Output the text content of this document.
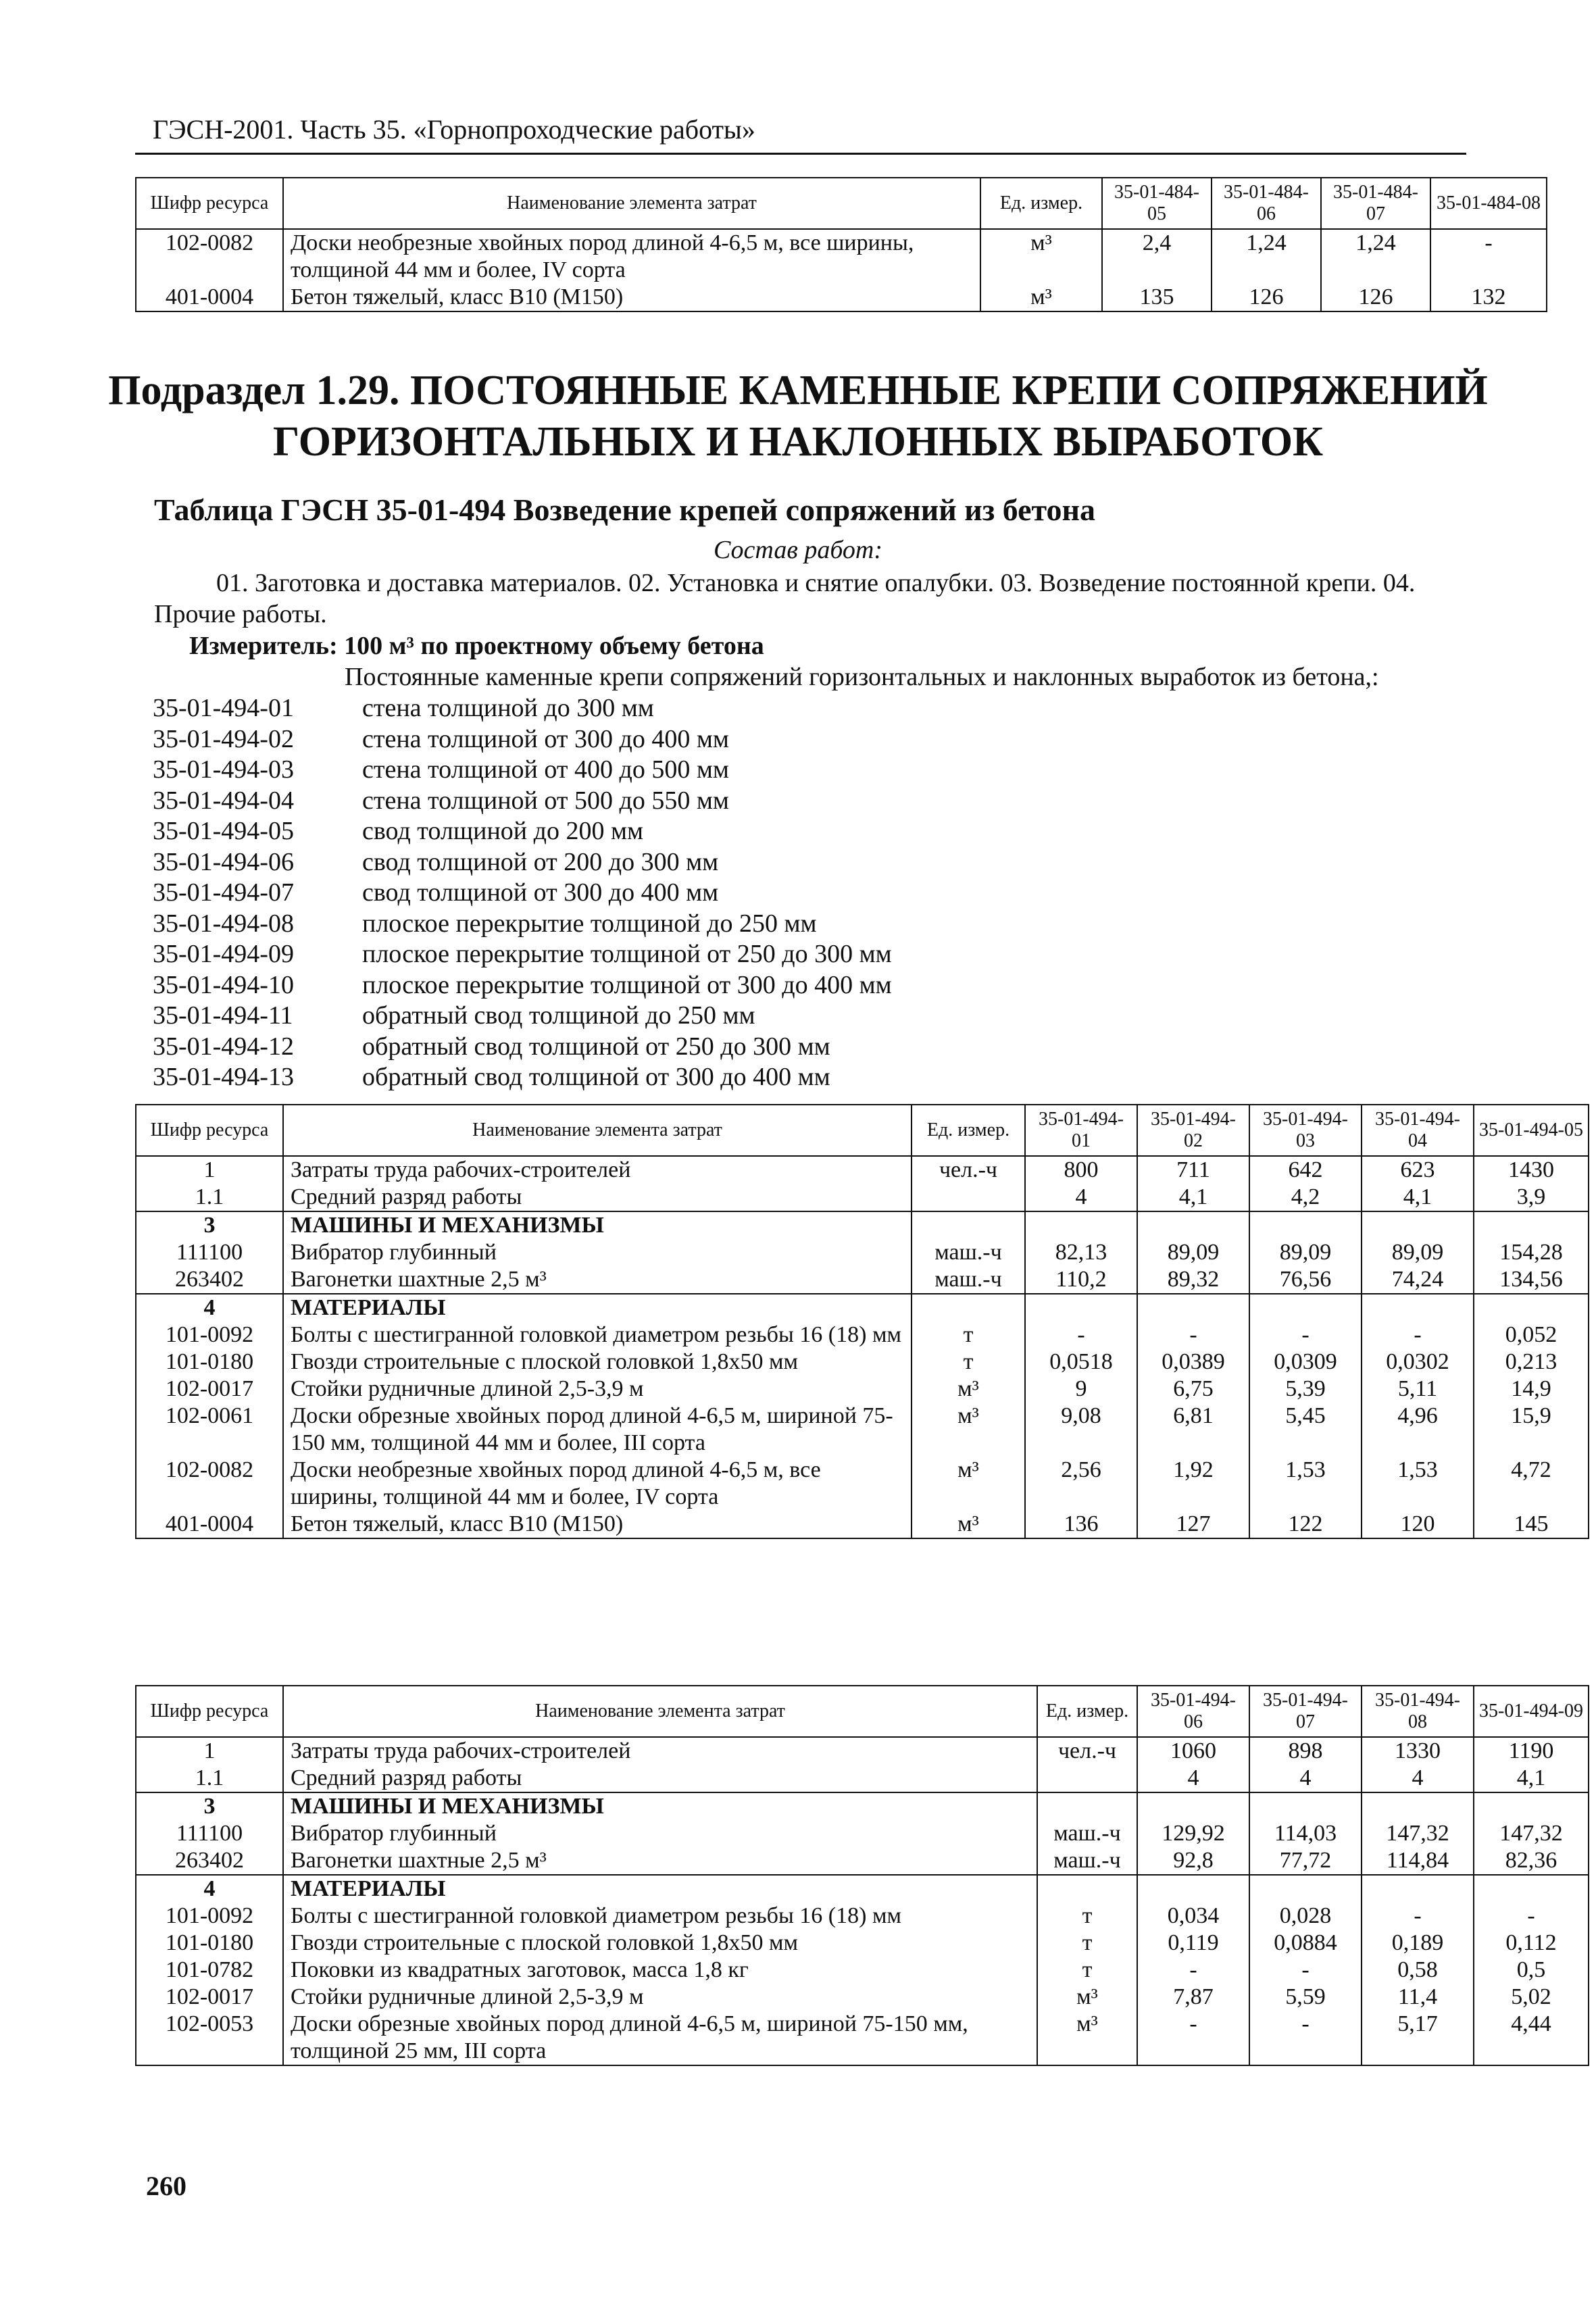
ГЭСН-2001. Часть 35. «Горнопроходческие работы»
Шифр ресурса	Наименование элемента затрат	Ед. измер.	35-01-484-05	35-01-484-06	35-01-484-07	35-01-484-08
102-0082	Доски необрезные хвойных пород длиной 4-6,5 м, все ширины, толщиной 44 мм и более, IV сорта	м³	2,4	1,24	1,24	-
401-0004	Бетон тяжелый, класс B10 (М150)	м³	135	126	126	132
Подраздел 1.29. ПОСТОЯННЫЕ КАМЕННЫЕ КРЕПИ СОПРЯЖЕНИЙ
ГОРИЗОНТАЛЬНЫХ И НАКЛОННЫХ ВЫРАБОТОК
Таблица ГЭСН 35-01-494 Возведение крепей сопряжений из бетона
Состав работ:
01. Заготовка и доставка материалов. 02. Установка и снятие опалубки. 03. Возведение постоянной крепи. 04. Прочие работы.
Измеритель: 100 м³ по проектному объему бетона
Постоянные каменные крепи сопряжений горизонтальных и наклонных выработок из бетона,:
35-01-494-01	стена толщиной до 300 мм
35-01-494-02	стена толщиной от 300 до 400 мм
35-01-494-03	стена толщиной от 400 до 500 мм
35-01-494-04	стена толщиной от 500 до 550 мм
35-01-494-05	свод толщиной до 200 мм
35-01-494-06	свод толщиной от 200 до 300 мм
35-01-494-07	свод толщиной от 300 до 400 мм
35-01-494-08	плоское перекрытие толщиной до 250 мм
35-01-494-09	плоское перекрытие толщиной от 250 до 300 мм
35-01-494-10	плоское перекрытие толщиной от 300 до 400 мм
35-01-494-11	обратный свод толщиной до 250 мм
35-01-494-12	обратный свод толщиной от 250 до 300 мм
35-01-494-13	обратный свод толщиной от 300 до 400 мм
Шифр ресурса	Наименование элемента затрат	Ед. измер.	35-01-494-01	35-01-494-02	35-01-494-03	35-01-494-04	35-01-494-05
1	Затраты труда рабочих-строителей	чел.-ч	800	711	642	623	1430
1.1	Средний разряд работы		4	4,1	4,2	4,1	3,9
3	МАШИНЫ И МЕХАНИЗМЫ						
111100	Вибратор глубинный	маш.-ч	82,13	89,09	89,09	89,09	154,28
263402	Вагонетки шахтные 2,5 м³	маш.-ч	110,2	89,32	76,56	74,24	134,56
4	МАТЕРИАЛЫ						
101-0092	Болты с шестигранной головкой диаметром резьбы 16 (18) мм	т	-	-	-	-	0,052
101-0180	Гвозди строительные с плоской головкой 1,8x50 мм	т	0,0518	0,0389	0,0309	0,0302	0,213
102-0017	Стойки рудничные длиной 2,5-3,9 м	м³	9	6,75	5,39	5,11	14,9
102-0061	Доски обрезные хвойных пород длиной 4-6,5 м, шириной 75-150 мм, толщиной 44 мм и более, III сорта	м³	9,08	6,81	5,45	4,96	15,9
102-0082	Доски необрезные хвойных пород длиной 4-6,5 м, все ширины, толщиной 44 мм и более, IV сорта	м³	2,56	1,92	1,53	1,53	4,72
401-0004	Бетон тяжелый, класс B10 (М150)	м³	136	127	122	120	145
Шифр ресурса	Наименование элемента затрат	Ед. измер.	35-01-494-06	35-01-494-07	35-01-494-08	35-01-494-09
1	Затраты труда рабочих-строителей	чел.-ч	1060	898	1330	1190
1.1	Средний разряд работы		4	4	4	4,1
3	МАШИНЫ И МЕХАНИЗМЫ					
111100	Вибратор глубинный	маш.-ч	129,92	114,03	147,32	147,32
263402	Вагонетки шахтные 2,5 м³	маш.-ч	92,8	77,72	114,84	82,36
4	МАТЕРИАЛЫ					
101-0092	Болты с шестигранной головкой диаметром резьбы 16 (18) мм	т	0,034	0,028	-	-
101-0180	Гвозди строительные с плоской головкой 1,8x50 мм	т	0,119	0,0884	0,189	0,112
101-0782	Поковки из квадратных заготовок, масса 1,8 кг	т	-	-	0,58	0,5
102-0017	Стойки рудничные длиной 2,5-3,9 м	м³	7,87	5,59	11,4	5,02
102-0053	Доски обрезные хвойных пород длиной 4-6,5 м, шириной 75-150 мм, толщиной 25 мм, III сорта	м³	-	-	5,17	4,44
260
